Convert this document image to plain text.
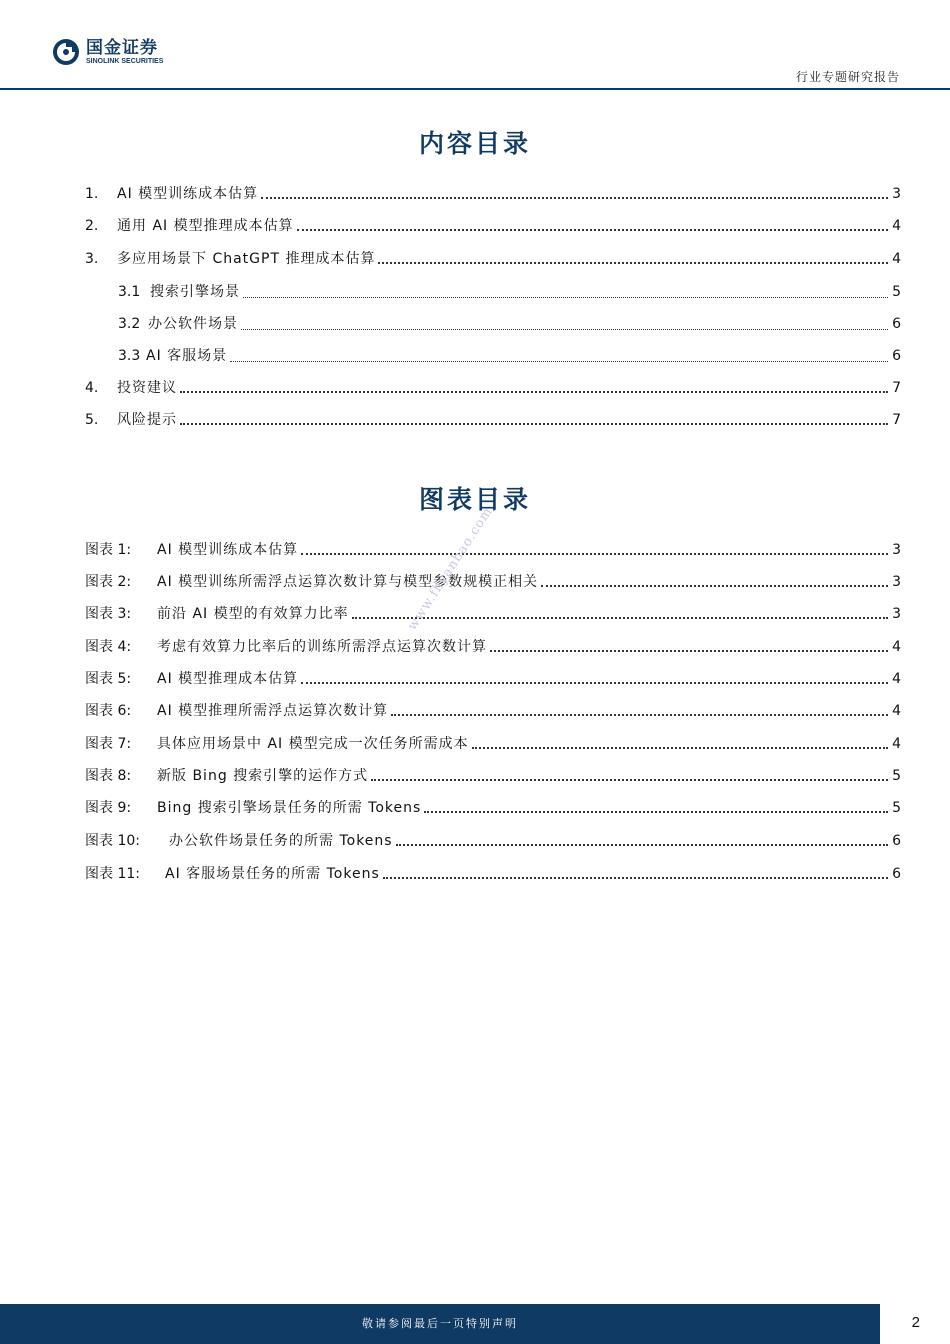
国金证券
SINOLINK SECURITIES
行业专题研究报告
内容目录
1.	AI 模型训练成本估算	3
2.	通用 AI 模型推理成本估算	4
3.	多应用场景下 ChatGPT 推理成本估算	4
3.1 搜索引擎场景	5
3.2 办公软件场景	6
3.3 AI 客服场景	6
4.	投资建议	7
5.	风险提示	7
图表目录
图表 1:	AI 模型训练成本估算	3
图表 2:	AI 模型训练所需浮点运算次数计算与模型参数规模正相关	3
图表 3:	前沿 AI 模型的有效算力比率	3
图表 4:	考虑有效算力比率后的训练所需浮点运算次数计算	4
图表 5:	AI 模型推理成本估算	4
图表 6:	AI 模型推理所需浮点运算次数计算	4
图表 7:	具体应用场景中 AI 模型完成一次任务所需成本	4
图表 8:	新版 Bing 搜索引擎的运作方式	5
图表 9:	Bing 搜索引擎场景任务的所需 Tokens	5
图表 10:	办公软件场景任务的所需 Tokens	6
图表 11:	AI 客服场景任务的所需 Tokens	6
www.fhyanbao.com
敬请参阅最后一页特别声明	2
